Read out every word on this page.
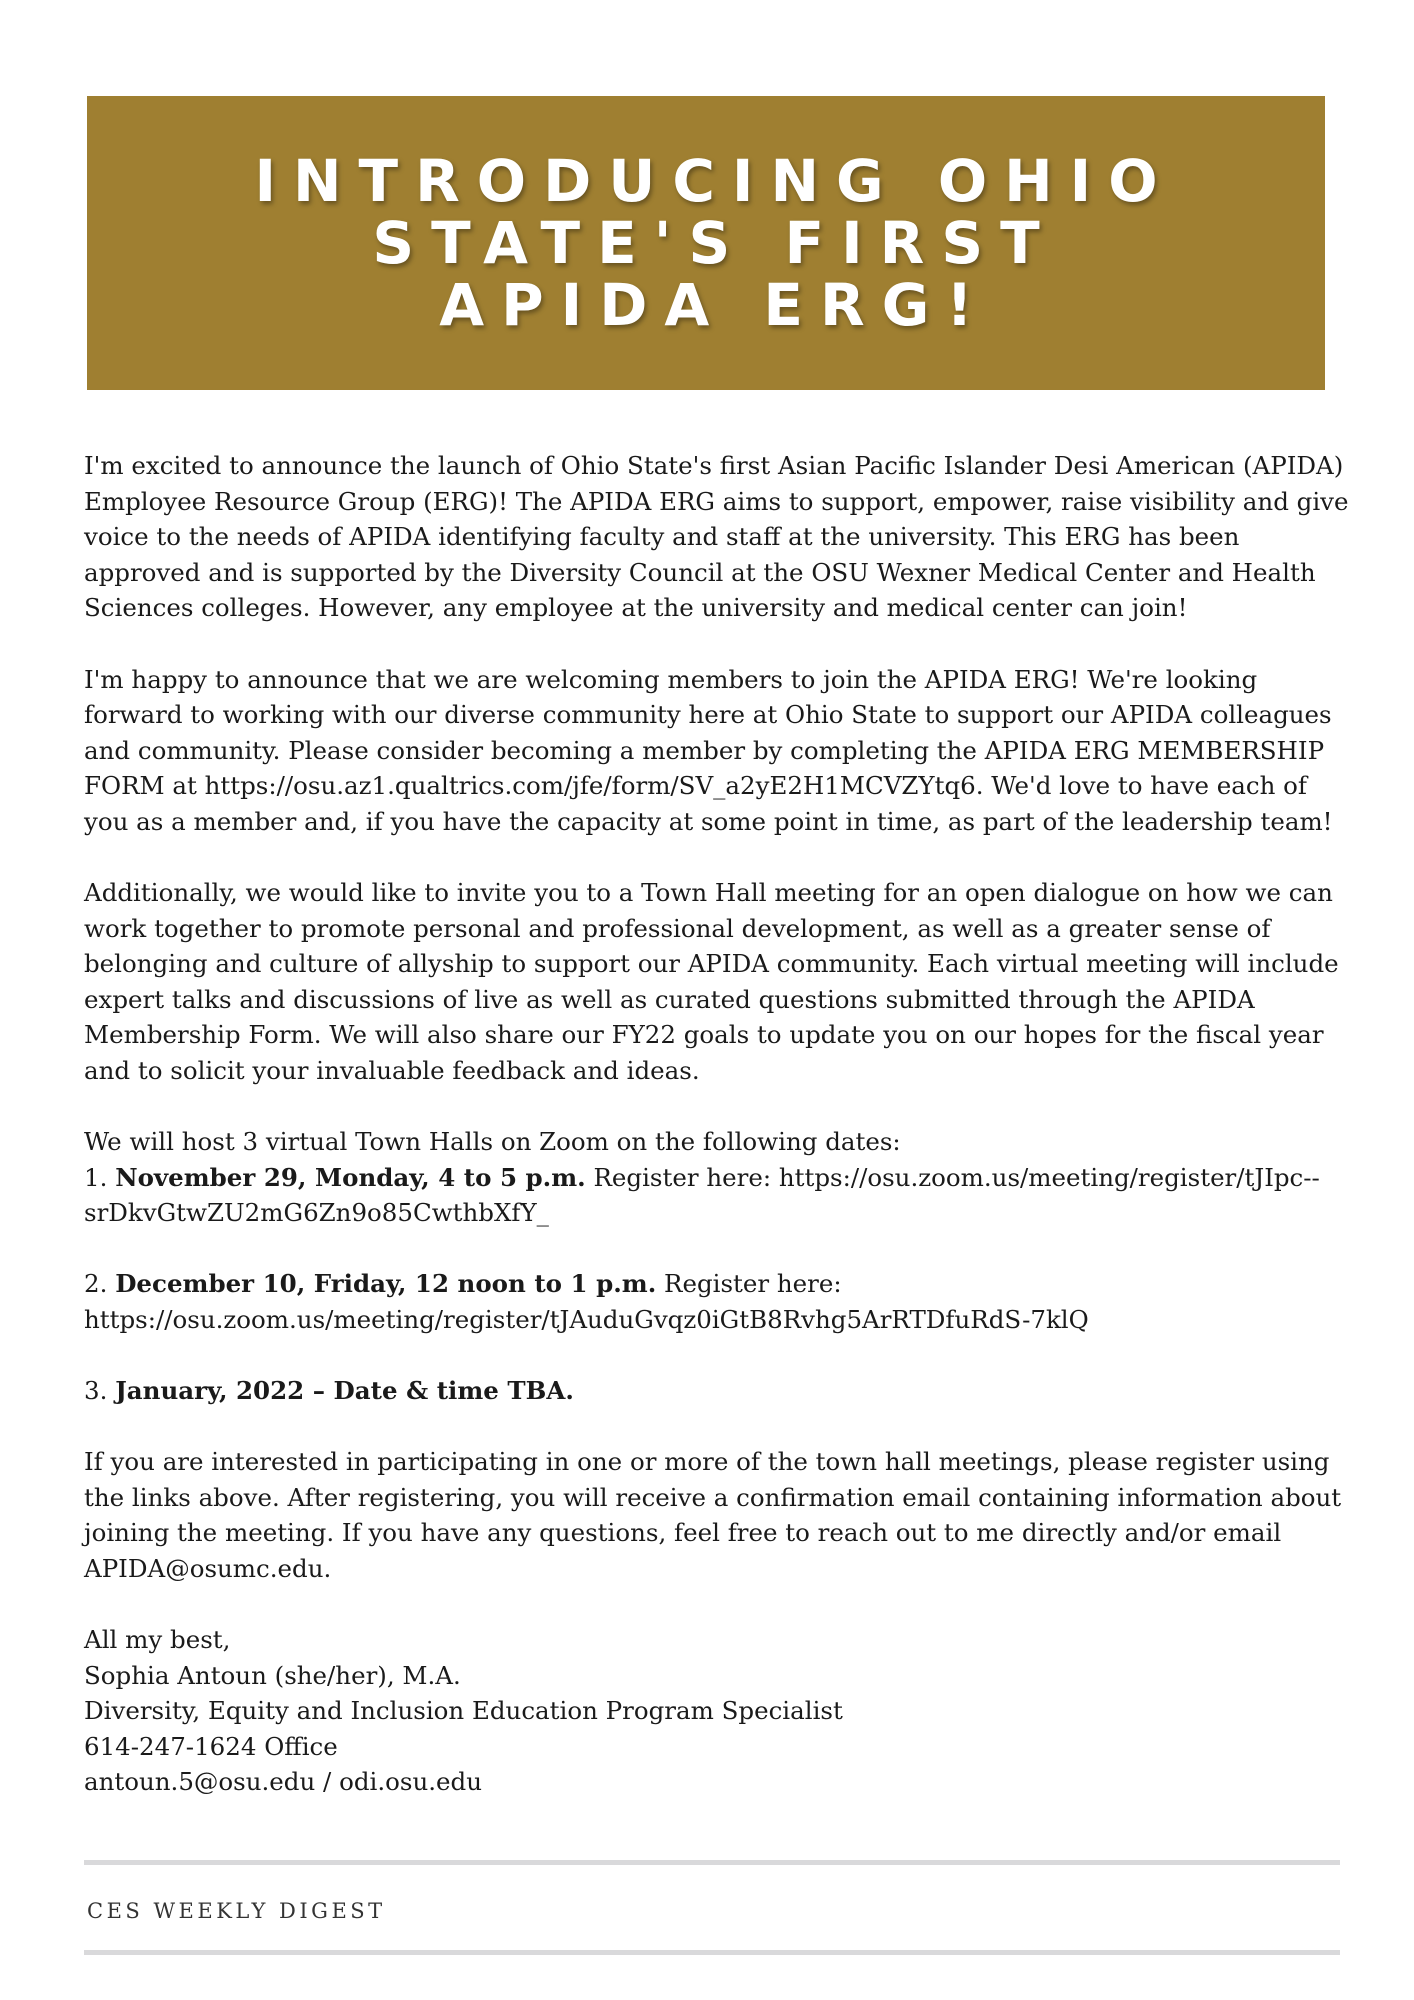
INTRODUCING OHIO
STATE'S FIRST
APIDA ERG!
I'm excited to announce the launch of Ohio State's first Asian Pacific Islander Desi American (APIDA)
Employee Resource Group (ERG)! The APIDA ERG aims to support, empower, raise visibility and give
voice to the needs of APIDA identifying faculty and staff at the university. This ERG has been
approved and is supported by the Diversity Council at the OSU Wexner Medical Center and Health
Sciences colleges. However, any employee at the university and medical center can join!
I'm happy to announce that we are welcoming members to join the APIDA ERG! We're looking
forward to working with our diverse community here at Ohio State to support our APIDA colleagues
and community. Please consider becoming a member by completing the APIDA ERG MEMBERSHIP
FORM at https://osu.az1.qualtrics.com/jfe/form/SV_a2yE2H1MCVZYtq6. We'd love to have each of
you as a member and, if you have the capacity at some point in time, as part of the leadership team!
Additionally, we would like to invite you to a Town Hall meeting for an open dialogue on how we can
work together to promote personal and professional development, as well as a greater sense of
belonging and culture of allyship to support our APIDA community. Each virtual meeting will include
expert talks and discussions of live as well as curated questions submitted through the APIDA
Membership Form. We will also share our FY22 goals to update you on our hopes for the fiscal year
and to solicit your invaluable feedback and ideas.
We will host 3 virtual Town Halls on Zoom on the following dates:
1. November 29, Monday, 4 to 5 p.m. Register here: https://osu.zoom.us/meeting/register/tJIpc--
srDkvGtwZU2mG6Zn9o85CwthbXfY_
2. December 10, Friday, 12 noon to 1 p.m. Register here:
https://osu.zoom.us/meeting/register/tJAuduGvqz0iGtB8Rvhg5ArRTDfuRdS-7klQ
3. January, 2022 – Date & time TBA.
If you are interested in participating in one or more of the town hall meetings, please register using
the links above. After registering, you will receive a confirmation email containing information about
joining the meeting. If you have any questions, feel free to reach out to me directly and/or email
APIDA@osumc.edu.
All my best,
Sophia Antoun (she/her), M.A.
Diversity, Equity and Inclusion Education Program Specialist
614-247-1624 Office
antoun.5@osu.edu / odi.osu.edu
CES WEEKLY DIGEST
